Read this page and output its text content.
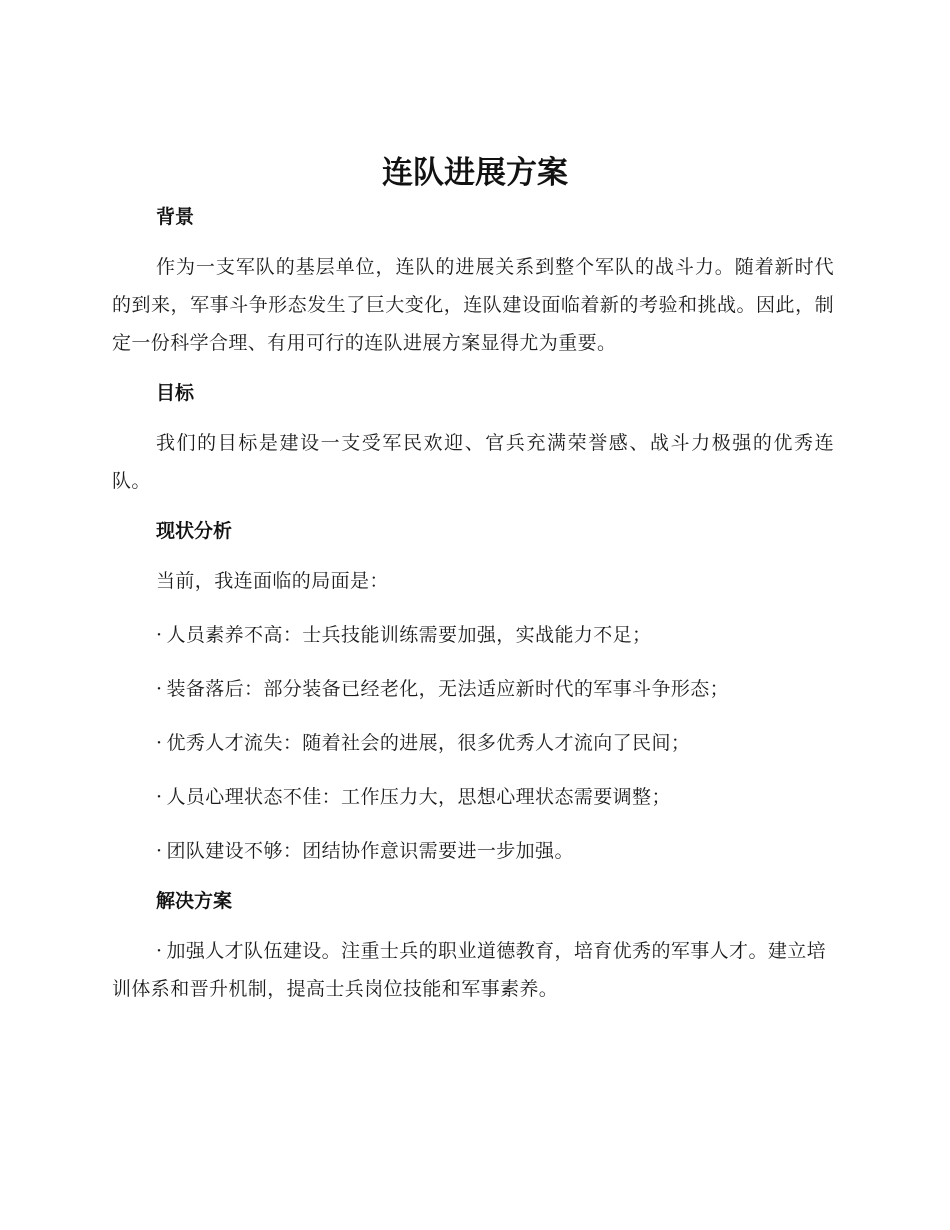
连队进展方案
背景

作为一支军队的基层单位，连队的进展关系到整个军队的战斗力。随着新时代的到来，军事斗争形态发生了巨大变化，连队建设面临着新的考验和挑战。因此，制定一份科学合理、有用可行的连队进展方案显得尤为重要。

目标

我们的目标是建设一支受军民欢迎、官兵充满荣誉感、战斗力极强的优秀连队。

现状分析

当前，我连面临的局面是：

· 人员素养不高：士兵技能训练需要加强，实战能力不足；

· 装备落后：部分装备已经老化，无法适应新时代的军事斗争形态；

· 优秀人才流失：随着社会的进展，很多优秀人才流向了民间；

· 人员心理状态不佳：工作压力大，思想心理状态需要调整；

· 团队建设不够：团结协作意识需要进一步加强。

解决方案

· 加强人才队伍建设。注重士兵的职业道德教育，培育优秀的军事人才。建立培训体系和晋升机制，提高士兵岗位技能和军事素养。
